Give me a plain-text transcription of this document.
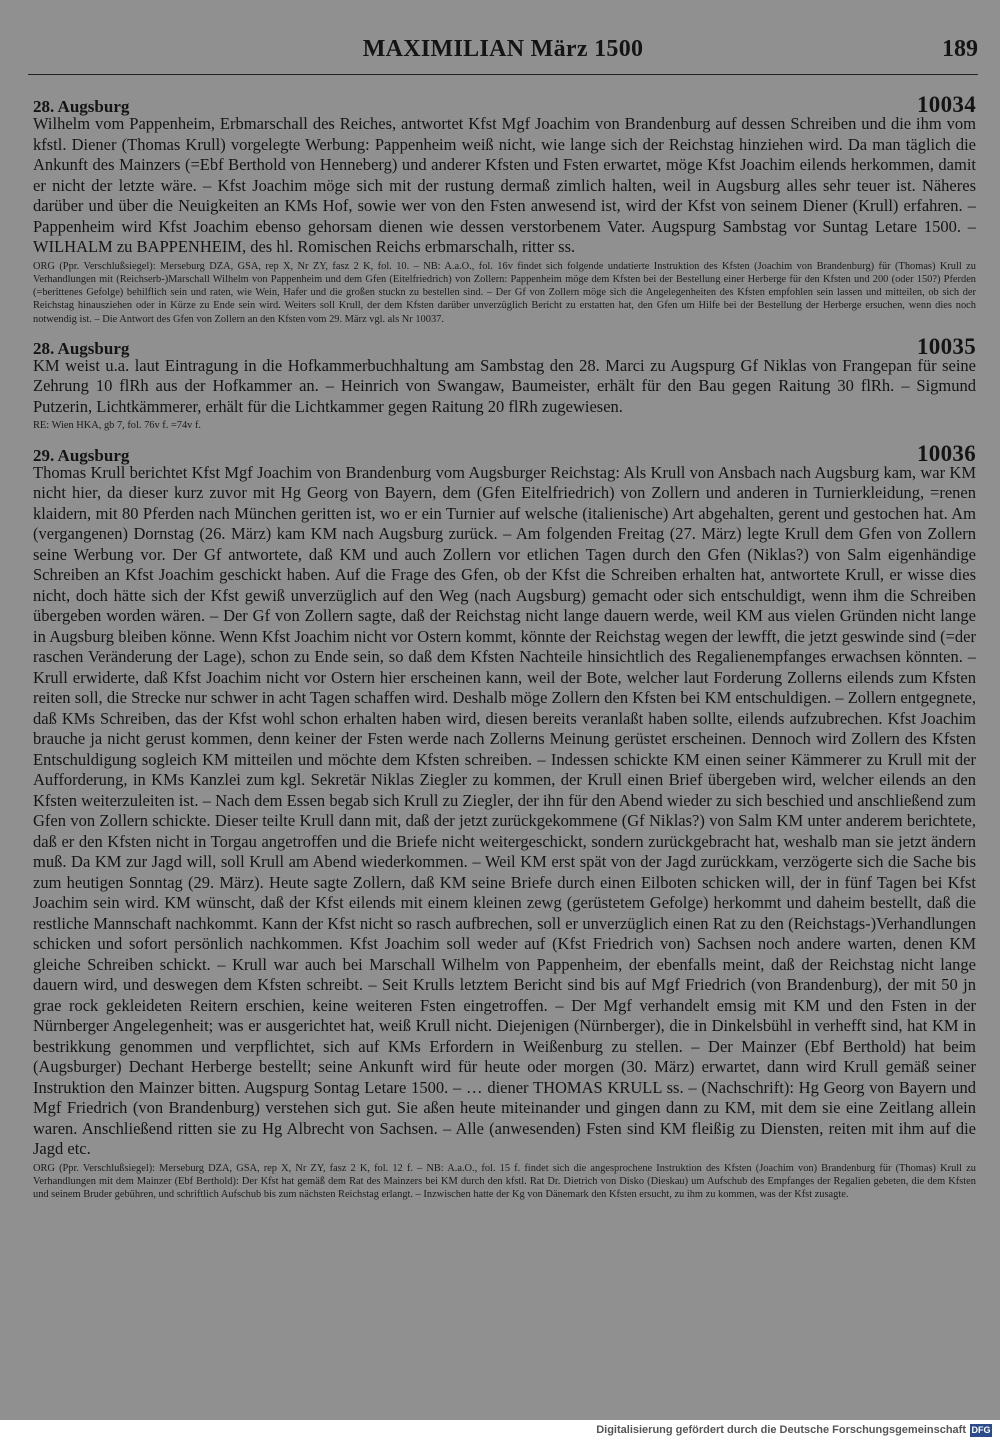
MAXIMILIAN März 1500	189
28. Augsburg	10034

Wilhelm vom Pappenheim, Erbmarschall des Reiches, antwortet Kfst Mgf Joachim von Brandenburg auf dessen Schreiben und die ihm vom kfstl. Diener (Thomas Krull) vorgelegte Werbung: Pappenheim weiß nicht, wie lange sich der Reichstag hinziehen wird. Da man täglich die Ankunft des Mainzers (=Ebf Berthold von Henneberg) und anderer Kfsten und Fsten erwartet, möge Kfst Joachim eilends herkommen, damit er nicht der letzte wäre. – Kfst Joachim möge sich mit der rustung dermaß zimlich halten, weil in Augsburg alles sehr teuer ist. Näheres darüber und über die Neuigkeiten an KMs Hof, sowie wer von den Fsten anwesend ist, wird der Kfst von seinem Diener (Krull) erfahren. – Pappenheim wird Kfst Joachim ebenso gehorsam dienen wie dessen verstorbenem Vater. Augspurg Sambstag vor Suntag Letare 1500. – WILHALM zu BAPPENHEIM, des hl. Romischen Reichs erbmarschalh, ritter ss.

ORG (Ppr. Verschlußsiegel): Merseburg DZA, GSA, rep X, Nr ZY, fasz 2 K, fol. 10. – NB: A.a.O., fol. 16v findet sich folgende undatierte Instruktion des Kfsten (Joachim von Brandenburg) für (Thomas) Krull zu Verhandlungen mit (Reichserb-)Marschall Wilhelm von Pappenheim und dem Gfen (Eitelfriedrich) von Zollern: Pappenheim möge dem Kfsten bei der Bestellung einer Herberge für den Kfsten und 200 (oder 150?) Pferden (=berittenes Gefolge) behilflich sein und raten, wie Wein, Hafer und die großen stuckn zu bestellen sind. – Der Gf von Zollern möge sich die Angelegenheiten des Kfsten empfohlen sein lassen und mitteilen, ob sich der Reichstag hinausziehen oder in Kürze zu Ende sein wird. Weiters soll Krull, der dem Kfsten darüber unverzüglich Bericht zu erstatten hat, den Gfen um Hilfe bei der Bestellung der Herberge ersuchen, wenn dies noch notwendig ist. – Die Antwort des Gfen von Zollern an den Kfsten vom 29. März vgl. als Nr 10037.

28. Augsburg	10035

KM weist u.a. laut Eintragung in die Hofkammerbuchhaltung am Sambstag den 28. Marci zu Augspurg Gf Niklas von Frangepan für seine Zehrung 10 flRh aus der Hofkammer an. – Heinrich von Swangaw, Baumeister, erhält für den Bau gegen Raitung 30 flRh. – Sigmund Putzerin, Lichtkämmerer, erhält für die Lichtkammer gegen Raitung 20 flRh zugewiesen.

RE: Wien HKA, gb 7, fol. 76v f. =74v f.

29. Augsburg	10036

Thomas Krull berichtet Kfst Mgf Joachim von Brandenburg vom Augsburger Reichstag: Als Krull von Ansbach nach Augsburg kam, war KM nicht hier, da dieser kurz zuvor mit Hg Georg von Bayern, dem (Gfen Eitelfriedrich) von Zollern und anderen in Turnierkleidung, =renen klaidern, mit 80 Pferden nach München geritten ist, wo er ein Turnier auf welsche (italienische) Art abgehalten, gerent und gestochen hat. Am (vergangenen) Dornstag (26. März) kam KM nach Augsburg zurück. – Am folgenden Freitag (27. März) legte Krull dem Gfen von Zollern seine Werbung vor. Der Gf antwortete, daß KM und auch Zollern vor etlichen Tagen durch den Gfen (Niklas?) von Salm eigenhändige Schreiben an Kfst Joachim geschickt haben. Auf die Frage des Gfen, ob der Kfst die Schreiben erhalten hat, antwortete Krull, er wisse dies nicht, doch hätte sich der Kfst gewiß unverzüglich auf den Weg (nach Augsburg) gemacht oder sich entschuldigt, wenn ihm die Schreiben übergeben worden wären. – Der Gf von Zollern sagte, daß der Reichstag nicht lange dauern werde, weil KM aus vielen Gründen nicht lange in Augsburg bleiben könne. Wenn Kfst Joachim nicht vor Ostern kommt, könnte der Reichstag wegen der lewfft, die jetzt geswinde sind (=der raschen Veränderung der Lage), schon zu Ende sein, so daß dem Kfsten Nachteile hinsichtlich des Regalienempfanges erwachsen könnten. – Krull erwiderte, daß Kfst Joachim nicht vor Ostern hier erscheinen kann, weil der Bote, welcher laut Forderung Zollerns eilends zum Kfsten reiten soll, die Strecke nur schwer in acht Tagen schaffen wird. Deshalb möge Zollern den Kfsten bei KM entschuldigen. – Zollern entgegnete, daß KMs Schreiben, das der Kfst wohl schon erhalten haben wird, diesen bereits veranlaßt haben sollte, eilends aufzubrechen. Kfst Joachim brauche ja nicht gerust kommen, denn keiner der Fsten werde nach Zollerns Meinung gerüstet erscheinen. Dennoch wird Zollern des Kfsten Entschuldigung sogleich KM mitteilen und möchte dem Kfsten schreiben. – Indessen schickte KM einen seiner Kämmerer zu Krull mit der Aufforderung, in KMs Kanzlei zum kgl. Sekretär Niklas Ziegler zu kommen, der Krull einen Brief übergeben wird, welcher eilends an den Kfsten weiterzuleiten ist. – Nach dem Essen begab sich Krull zu Ziegler, der ihn für den Abend wieder zu sich beschied und anschließend zum Gfen von Zollern schickte. Dieser teilte Krull dann mit, daß der jetzt zurückgekommene (Gf Niklas?) von Salm KM unter anderem berichtete, daß er den Kfsten nicht in Torgau angetroffen und die Briefe nicht weitergeschickt, sondern zurückgebracht hat, weshalb man sie jetzt ändern muß. Da KM zur Jagd will, soll Krull am Abend wiederkommen. – Weil KM erst spät von der Jagd zurückkam, verzögerte sich die Sache bis zum heutigen Sonntag (29. März). Heute sagte Zollern, daß KM seine Briefe durch einen Eilboten schicken will, der in fünf Tagen bei Kfst Joachim sein wird. KM wünscht, daß der Kfst eilends mit einem kleinen zewg (gerüstetem Gefolge) herkommt und daheim bestellt, daß die restliche Mannschaft nachkommt. Kann der Kfst nicht so rasch aufbrechen, soll er unverzüglich einen Rat zu den (Reichstags-)Verhandlungen schicken und sofort persönlich nachkommen. Kfst Joachim soll weder auf (Kfst Friedrich von) Sachsen noch andere warten, denen KM gleiche Schreiben schickt. – Krull war auch bei Marschall Wilhelm von Pappenheim, der ebenfalls meint, daß der Reichstag nicht lange dauern wird, und deswegen dem Kfsten schreibt. – Seit Krulls letztem Bericht sind bis auf Mgf Friedrich (von Brandenburg), der mit 50 jn grae rock gekleideten Reitern erschien, keine weiteren Fsten eingetroffen. – Der Mgf verhandelt emsig mit KM und den Fsten in der Nürnberger Angelegenheit; was er ausgerichtet hat, weiß Krull nicht. Diejenigen (Nürnberger), die in Dinkelsbühl in verhefft sind, hat KM in bestrikkung genommen und verpflichtet, sich auf KMs Erfordern in Weißenburg zu stellen. – Der Mainzer (Ebf Berthold) hat beim (Augsburger) Dechant Herberge bestellt; seine Ankunft wird für heute oder morgen (30. März) erwartet, dann wird Krull gemäß seiner Instruktion den Mainzer bitten. Augspurg Sontag Letare 1500. – … diener THOMAS KRULL ss. – (Nachschrift): Hg Georg von Bayern und Mgf Friedrich (von Brandenburg) verstehen sich gut. Sie aßen heute miteinander und gingen dann zu KM, mit dem sie eine Zeitlang allein waren. Anschließend ritten sie zu Hg Albrecht von Sachsen. – Alle (anwesenden) Fsten sind KM fleißig zu Diensten, reiten mit ihm auf die Jagd etc.

ORG (Ppr. Verschlußsiegel): Merseburg DZA, GSA, rep X, Nr ZY, fasz 2 K, fol. 12 f. – NB: A.a.O., fol. 15 f. findet sich die angesprochene Instruktion des Kfsten (Joachim von) Brandenburg für (Thomas) Krull zu Verhandlungen mit dem Mainzer (Ebf Berthold): Der Kfst hat gemäß dem Rat des Mainzers bei KM durch den kfstl. Rat Dr. Dietrich von Disko (Dieskau) um Aufschub des Empfanges der Regalien gebeten, die dem Kfsten und seinem Bruder gebühren, und schriftlich Aufschub bis zum nächsten Reichstag erlangt. – Inzwischen hatte der Kg von Dänemark den Kfsten ersucht, zu ihm zu kommen, was der Kfst zusagte.

Digitalisierung gefördert durch die Deutsche Forschungsgemeinschaft DFG
